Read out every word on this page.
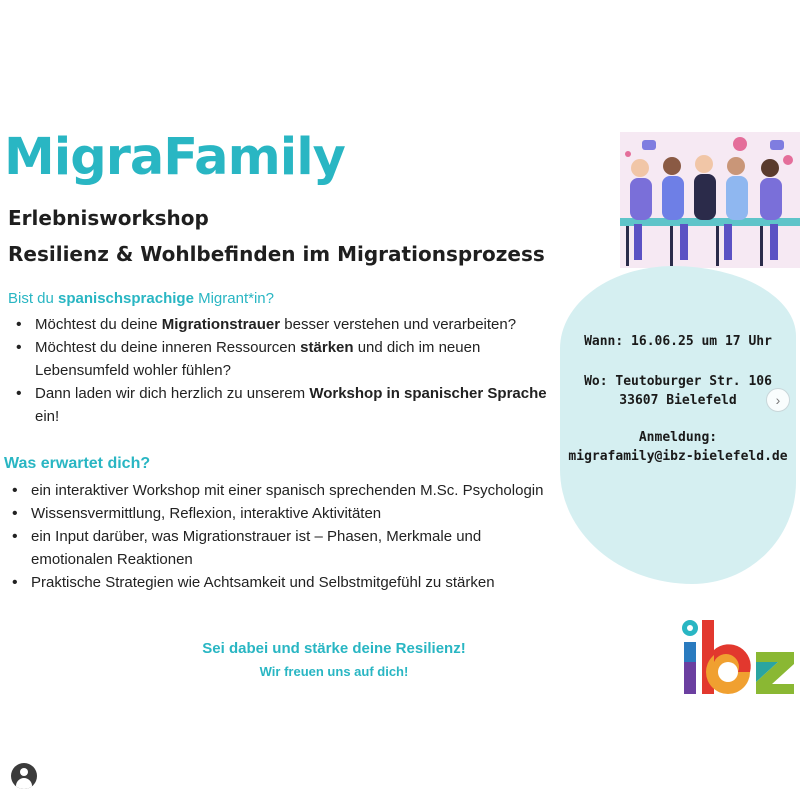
MigraFamily
Erlebnisworkshop
Resilienz & Wohlbefinden im Migrationsprozess
Bist du spanischsprachige Migrant*in?
• Möchtest du deine Migrationstrauer besser verstehen und verarbeiten?
• Möchtest du deine inneren Ressourcen stärken und dich im neuen Lebensumfeld wohler fühlen?
• Dann laden wir dich herzlich zu unserem Workshop in spanischer Sprache ein!
Was erwartet dich?
• ein interaktiver Workshop mit einer spanisch sprechenden M.Sc. Psychologin
• Wissensvermittlung, Reflexion, interaktive Aktivitäten
• ein Input darüber, was Migrationstrauer ist – Phasen, Merkmale und emotionalen Reaktionen
• Praktische Strategien wie Achtsamkeit und Selbstmitgefühl zu stärken
Sei dabei und stärke deine Resilienz!
Wir freuen uns auf dich!
Wann: 16.06.25 um 17 Uhr
Wo: Teutoburger Str. 106
33607 Bielefeld
Anmeldung:
migrafamily@ibz-bielefeld.de
›
